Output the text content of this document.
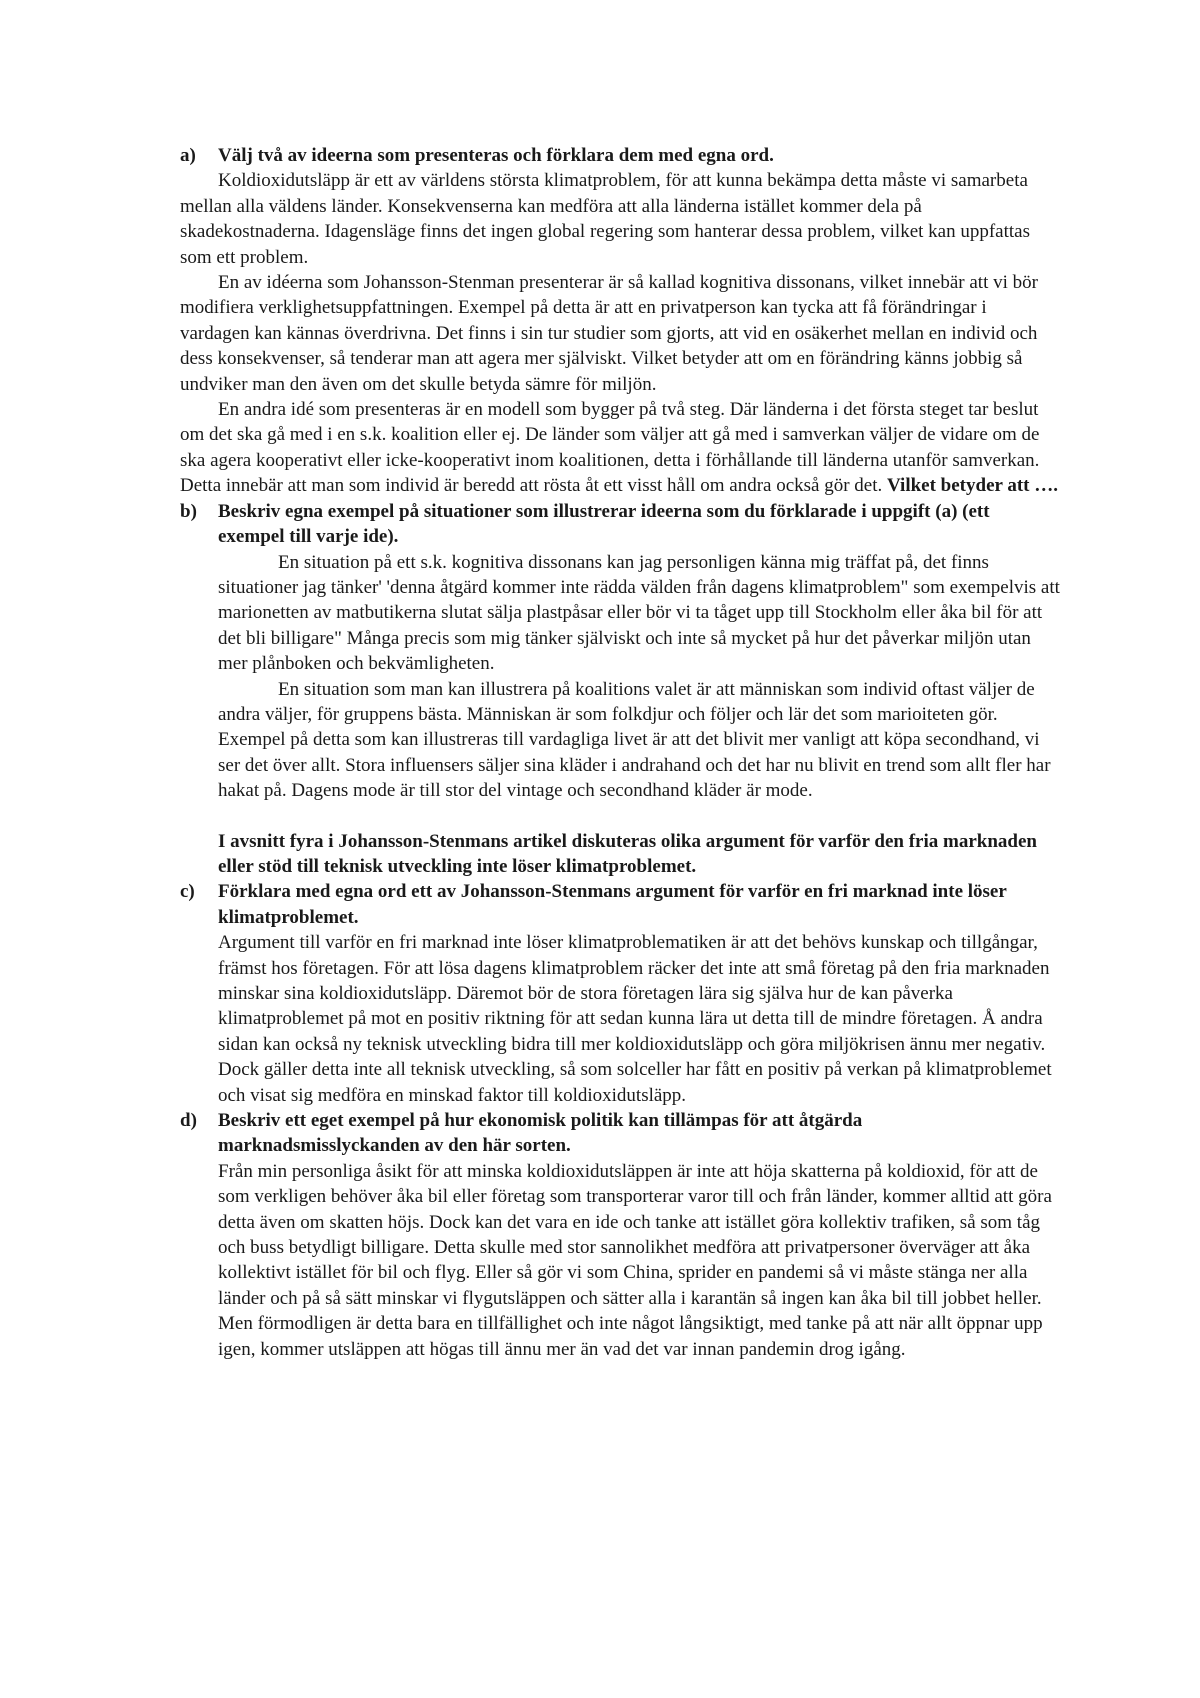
a)	Välj två av ideerna som presenteras och förklara dem med egna ord.

Koldioxidutsläpp är ett av världens största klimatproblem, för att kunna bekämpa detta måste vi samarbeta mellan alla väldens länder. Konsekvenserna kan medföra att alla länderna istället kommer dela på skadekostnaderna. Idagensläge finns det ingen global regering som hanterar dessa problem, vilket kan uppfattas som ett problem.

En av idéerna som Johansson-Stenman presenterar är så kallad kognitiva dissonans, vilket innebär att vi bör modifiera verklighetsuppfattningen. Exempel på detta är att en privatperson kan tycka att få förändringar i vardagen kan kännas överdrivna. Det finns i sin tur studier som gjorts, att vid en osäkerhet mellan en individ och dess konsekvenser, så tenderar man att agera mer själviskt. Vilket betyder att om en förändring känns jobbig så undviker man den även om det skulle betyda sämre för miljön.

En andra idé som presenteras är en modell som bygger på två steg. Där länderna i det första steget tar beslut om det ska gå med i en s.k. koalition eller ej. De länder som väljer att gå med i samverkan väljer de vidare om de ska agera kooperativt eller icke-kooperativt inom koalitionen, detta i förhållande till länderna utanför samverkan. Detta innebär att man som individ är beredd att rösta åt ett visst håll om andra också gör det. Vilket betyder att ….

b)	Beskriv egna exempel på situationer som illustrerar ideerna som du förklarade i uppgift (a) (ett exempel till varje ide).

En situation på ett s.k. kognitiva dissonans kan jag personligen känna mig träffat på, det finns situationer jag tänker' 'denna åtgärd kommer inte rädda välden från dagens klimatproblem" som exempelvis att marionetten av matbutikerna slutat sälja plastpåsar eller bör vi ta tåget upp till Stockholm eller åka bil för att det bli billigare" Många precis som mig tänker själviskt och inte så mycket på hur det påverkar miljön utan mer plånboken och bekvämligheten.

En situation som man kan illustrera på koalitions valet är att människan som individ oftast väljer de andra väljer, för gruppens bästa. Människan är som folkdjur och följer och lär det som marioiteten gör. Exempel på detta som kan illustreras till vardagliga livet är att det blivit mer vanligt att köpa secondhand, vi ser det över allt. Stora influensers säljer sina kläder i andrahand och det har nu blivit en trend som allt fler har hakat på. Dagens mode är till stor del vintage och secondhand kläder är mode.

I avsnitt fyra i Johansson-Stenmans artikel diskuteras olika argument för varför den fria marknaden eller stöd till teknisk utveckling inte löser klimatproblemet.
c)	Förklara med egna ord ett av Johansson-Stenmans argument för varför en fri marknad inte löser klimatproblemet.

Argument till varför en fri marknad inte löser klimatproblematiken är att det behövs kunskap och tillgångar, främst hos företagen. För att lösa dagens klimatproblem räcker det inte att små företag på den fria marknaden minskar sina koldioxidutsläpp. Däremot bör de stora företagen lära sig själva hur de kan påverka klimatproblemet på mot en positiv riktning för att sedan kunna lära ut detta till de mindre företagen. Å andra sidan kan också ny teknisk utveckling bidra till mer koldioxidutsläpp och göra miljökrisen ännu mer negativ. Dock gäller detta inte all teknisk utveckling, så som solceller har fått en positiv på verkan på klimatproblemet och visat sig medföra en minskad faktor till koldioxidutsläpp.

d)	Beskriv ett eget exempel på hur ekonomisk politik kan tillämpas för att åtgärda marknadsmisslyckanden av den här sorten.

Från min personliga åsikt för att minska koldioxidutsläppen är inte att höja skatterna på koldioxid, för att de som verkligen behöver åka bil eller företag som transporterar varor till och från länder, kommer alltid att göra detta även om skatten höjs. Dock kan det vara en ide och tanke att istället göra kollektiv trafiken, så som tåg och buss betydligt billigare. Detta skulle med stor sannolikhet medföra att privatpersoner överväger att åka kollektivt istället för bil och flyg. Eller så gör vi som China, sprider en pandemi så vi måste stänga ner alla länder och på så sätt minskar vi flygutsläppen och sätter alla i karantän så ingen kan åka bil till jobbet heller. Men förmodligen är detta bara en tillfällighet och inte något långsiktigt, med tanke på att när allt öppnar upp igen, kommer utsläppen att högas till ännu mer än vad det var innan pandemin drog igång.
